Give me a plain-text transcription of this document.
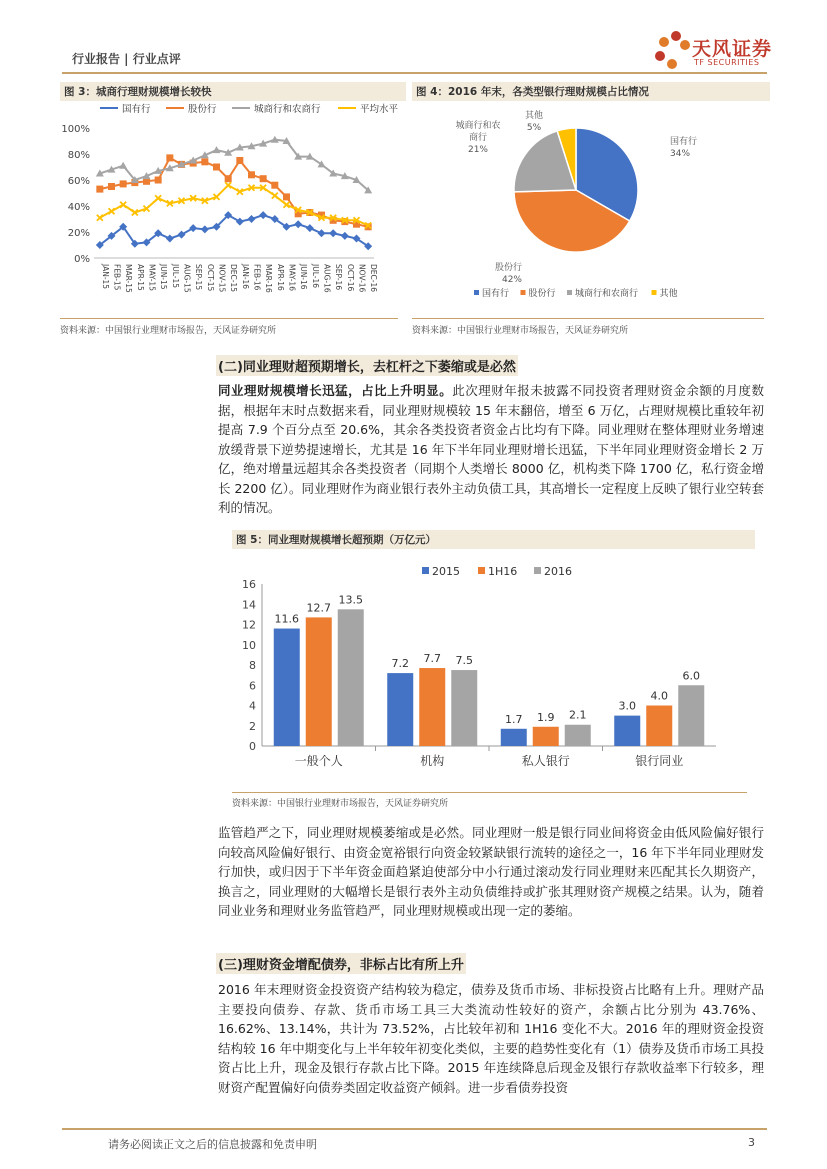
行业报告 | 行业点评	天风证券
TF SECURITIES
图 3：城商行理财规模增长较快
0%
20%
40%
60%
80%
100%
JAN-15 FEB-15 MAR-15 APR-15 MAY-15 JUN-15 JUL-15 AUG-15 SEP-15 OCT-15 NOV-15 DEC-15 JAN-16 FEB-16 MAR-16 APR-16 MAY-16 JUN-16 JUL-16 AUG-16 SEP-16 OCT-16 NOV-16 DEC-16
国有行	股份行	城商行和农商行	平均水平
资料来源：中国银行业理财市场报告，天风证券研究所
图 4：2016 年末，各类型银行理财规模占比情况
国有行
34%
股份行
42%
城商行和农
商行
21%
其他
5%
国有行 股份行 城商行和农商行 其他
资料来源：中国银行业理财市场报告，天风证券研究所
(二)同业理财超预期增长，去杠杆之下萎缩或是必然
同业理财规模增长迅猛，占比上升明显。此次理财年报未披露不同投资者理财资金余额的月度数据，根据年末时点数据来看，同业理财规模较 15 年末翻倍，增至 6 万亿，占理财规模比重较年初提高 7.9 个百分点至 20.6%，其余各类投资者资金占比均有下降。同业理财在整体理财业务增速放缓背景下逆势提速增长，尤其是 16 年下半年同业理财增长迅猛，下半年同业理财资金增长 2 万亿，绝对增量远超其余各类投资者（同期个人类增长 8000 亿，机构类下降 1700 亿，私行资金增长 2200 亿）。同业理财作为商业银行表外主动负债工具，其高增长一定程度上反映了银行业空转套利的情况。
图 5：同业理财规模增长超预期（万亿元）
0
2
4
6
8
10
12
14
16
一般个人
11.6
12.7
13.5
机构
7.2 7.7 7.5
私人银行
1.7 1.9 2.1
银行同业
3.0
4.0
6.0
2015	1H16 2016
资料来源：中国银行业理财市场报告，天风证券研究所
监管趋严之下，同业理财规模萎缩或是必然。同业理财一般是银行同业间将资金由低风险偏好银行向较高风险偏好银行、由资金宽裕银行向资金较紧缺银行流转的途径之一，16 年下半年同业理财发行加快，或归因于下半年资金面趋紧迫使部分中小行通过滚动发行同业理财来匹配其长久期资产，换言之，同业理财的大幅增长是银行表外主动负债维持或扩张其理财资产规模之结果。认为，随着同业业务和理财业务监管趋严，同业理财规模或出现一定的萎缩。
(三)理财资金增配债券，非标占比有所上升
2016 年末理财资金投资资产结构较为稳定，债券及货币市场、非标投资占比略有上升。理财产品主要投向债券、存款、货币市场工具三大类流动性较好的资产，余额占比分别为 43.76%、16.62%、13.14%，共计为 73.52%，占比较年初和 1H16 变化不大。2016 年的理财资金投资结构较 16 年中期变化与上半年较年初变化类似，主要的趋势性变化有（1）债券及货币市场工具投资占比上升，现金及银行存款占比下降。2015 年连续降息后现金及银行存款收益率下行较多，理财资产配置偏好向债券类固定收益资产倾斜。进一步看债券投资
请务必阅读正文之后的信息披露和免责申明	3
